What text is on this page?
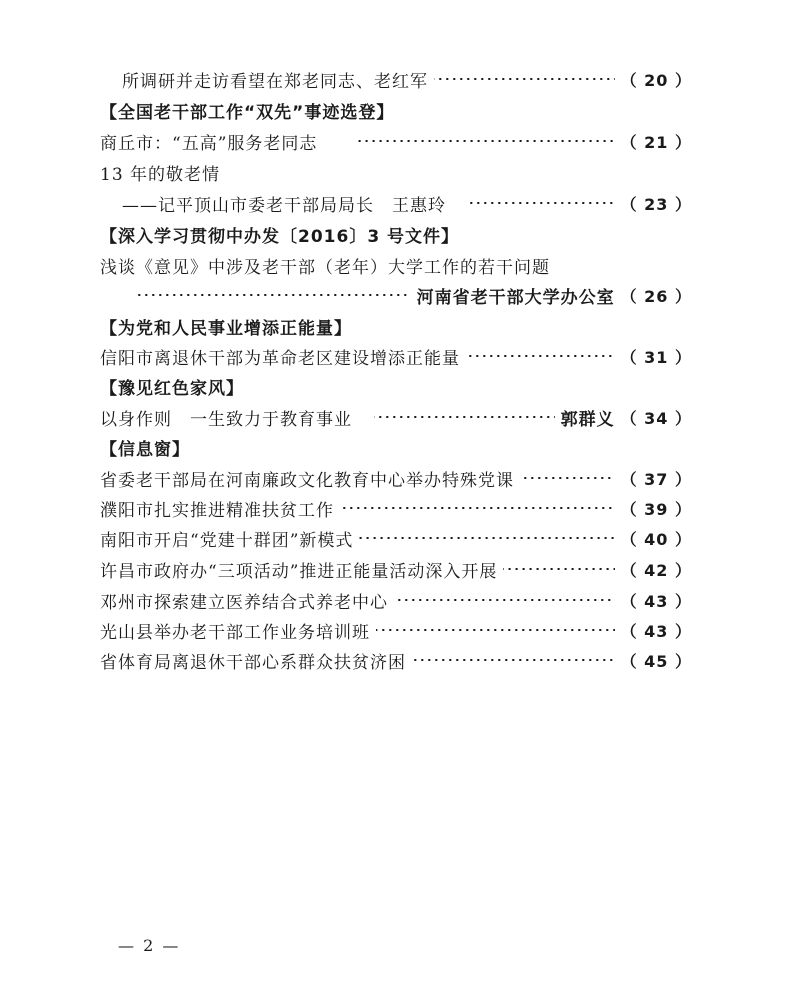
所调研并走访看望在郑老同志、老红军	（ 20 ）
【全国老干部工作“双先”事迹选登】
商丘市：“五高”服务老同志	（ 21 ）
13 年的敬老情
——记平顶山市委老干部局局长　王惠玲	（ 23 ）
【深入学习贯彻中办发〔2016〕3 号文件】
浅谈《意见》中涉及老干部（老年）大学工作的若干问题
河南省老干部大学办公室 （ 26 ）
【为党和人民事业增添正能量】
信阳市离退休干部为革命老区建设增添正能量	（ 31 ）
【豫见红色家风】
以身作则　一生致力于教育事业	郭群义 （ 34 ）
【信息窗】
省委老干部局在河南廉政文化教育中心举办特殊党课	（ 37 ）
濮阳市扎实推进精准扶贫工作	（ 39 ）
南阳市开启“党建十群团”新模式	（ 40 ）
许昌市政府办“三项活动”推进正能量活动深入开展	（ 42 ）
邓州市探索建立医养结合式养老中心	（ 43 ）
光山县举办老干部工作业务培训班	（ 43 ）
省体育局离退休干部心系群众扶贫济困	（ 45 ）
— 2 —
